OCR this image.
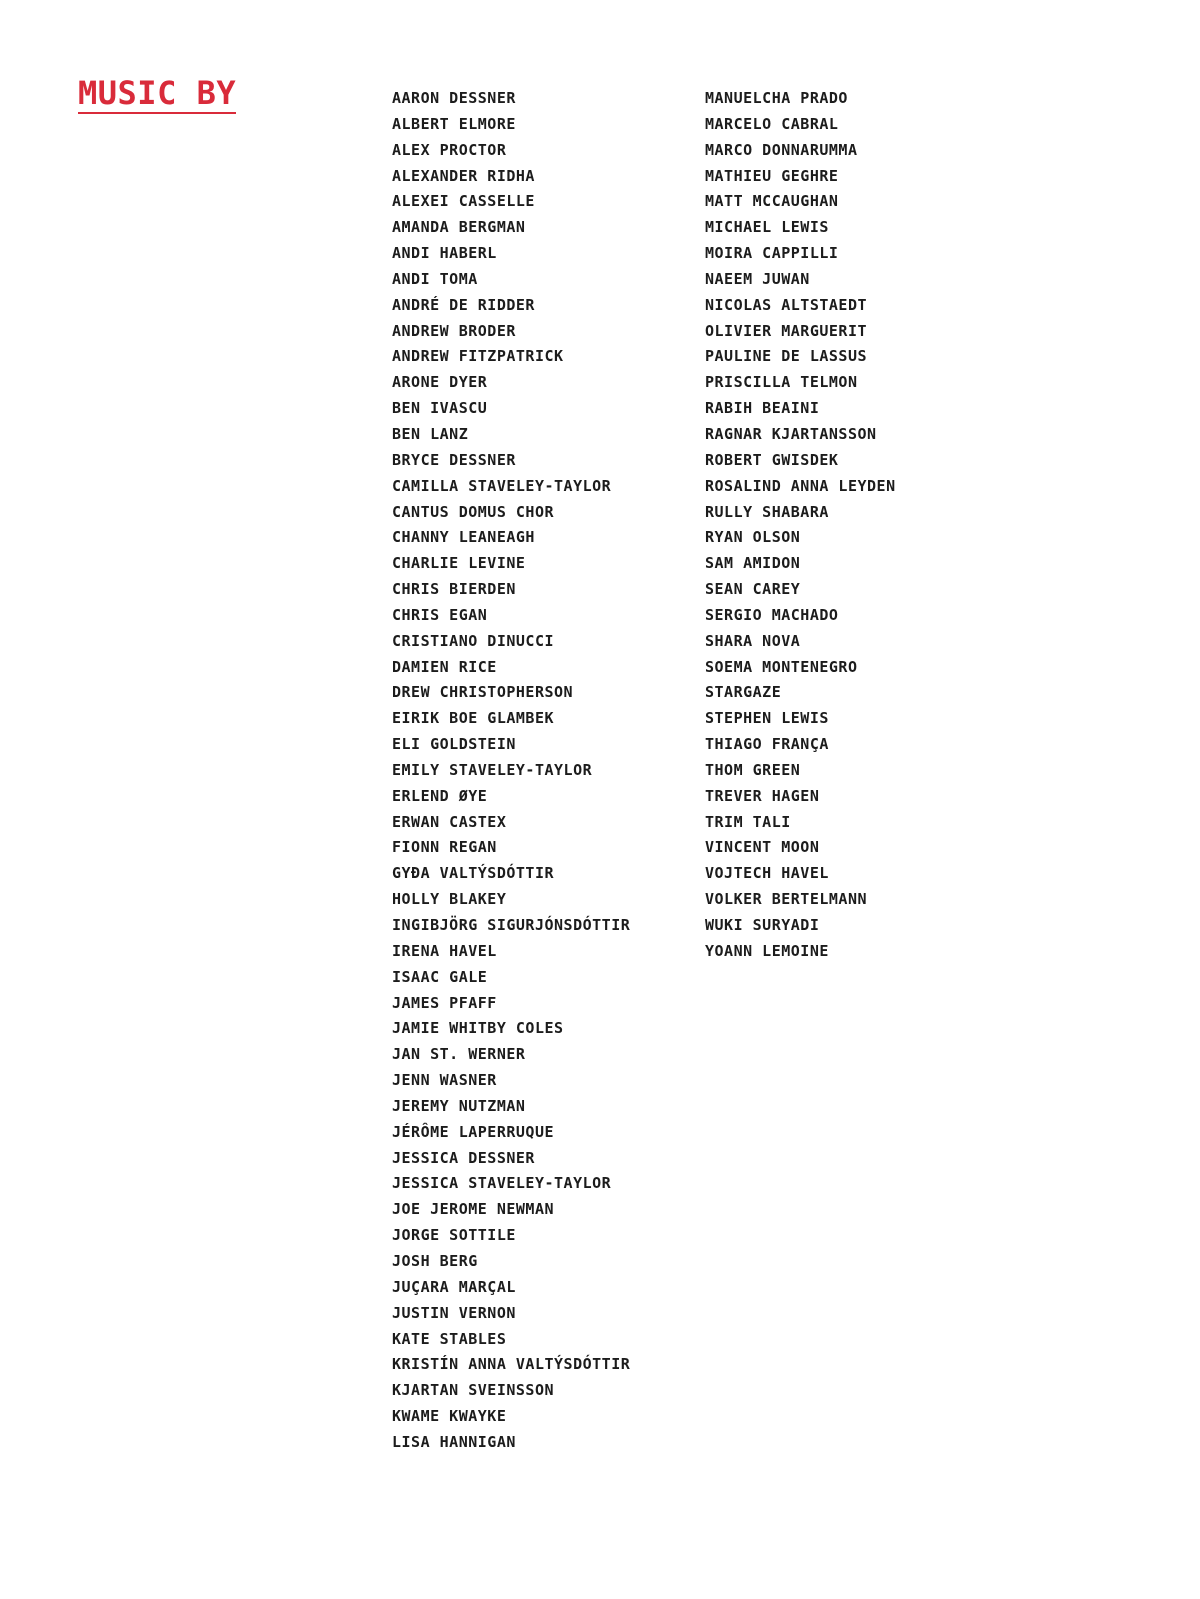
MUSIC BY	AARON DESSNER
ALBERT ELMORE
ALEX PROCTOR
ALEXANDER RIDHA
ALEXEI CASSELLE
AMANDA BERGMAN
ANDI HABERL
ANDI TOMA
ANDRÉ DE RIDDER
ANDREW BRODER
ANDREW FITZPATRICK
ARONE DYER
BEN IVASCU
BEN LANZ
BRYCE DESSNER
CAMILLA STAVELEY-TAYLOR
CANTUS DOMUS CHOR
CHANNY LEANEAGH
CHARLIE LEVINE
CHRIS BIERDEN
CHRIS EGAN
CRISTIANO DINUCCI
DAMIEN RICE
DREW CHRISTOPHERSON
EIRIK BOE GLAMBEK
ELI GOLDSTEIN
EMILY STAVELEY-TAYLOR
ERLEND ØYE
ERWAN CASTEX
FIONN REGAN
GYÐA VALTÝSDÓTTIR
HOLLY BLAKEY
INGIBJÖRG SIGURJÓNSDÓTTIR
IRENA HAVEL
ISAAC GALE
JAMES PFAFF
JAMIE WHITBY COLES
JAN ST. WERNER
JENN WASNER
JEREMY NUTZMAN
JÉRÔME LAPERRUQUE
JESSICA DESSNER
JESSICA STAVELEY-TAYLOR
JOE JEROME NEWMAN
JORGE SOTTILE
JOSH BERG
JUÇARA MARÇAL
JUSTIN VERNON
KATE STABLES
KRISTÍN ANNA VALTÝSDÓTTIR
KJARTAN SVEINSSON
KWAME KWAYKE
LISA HANNIGAN
MANUELCHA PRADO
MARCELO CABRAL
MARCO DONNARUMMA
MATHIEU GEGHRE
MATT MCCAUGHAN
MICHAEL LEWIS
MOIRA CAPPILLI
NAEEM JUWAN
NICOLAS ALTSTAEDT
OLIVIER MARGUERIT
PAULINE DE LASSUS
PRISCILLA TELMON
RABIH BEAINI
RAGNAR KJARTANSSON
ROBERT GWISDEK
ROSALIND ANNA LEYDEN
RULLY SHABARA
RYAN OLSON
SAM AMIDON
SEAN CAREY
SERGIO MACHADO
SHARA NOVA
SOEMA MONTENEGRO
STARGAZE
STEPHEN LEWIS
THIAGO FRANÇA
THOM GREEN
TREVER HAGEN
TRIM TALI
VINCENT MOON
VOJTECH HAVEL
VOLKER BERTELMANN
WUKI SURYADI
YOANN LEMOINE
